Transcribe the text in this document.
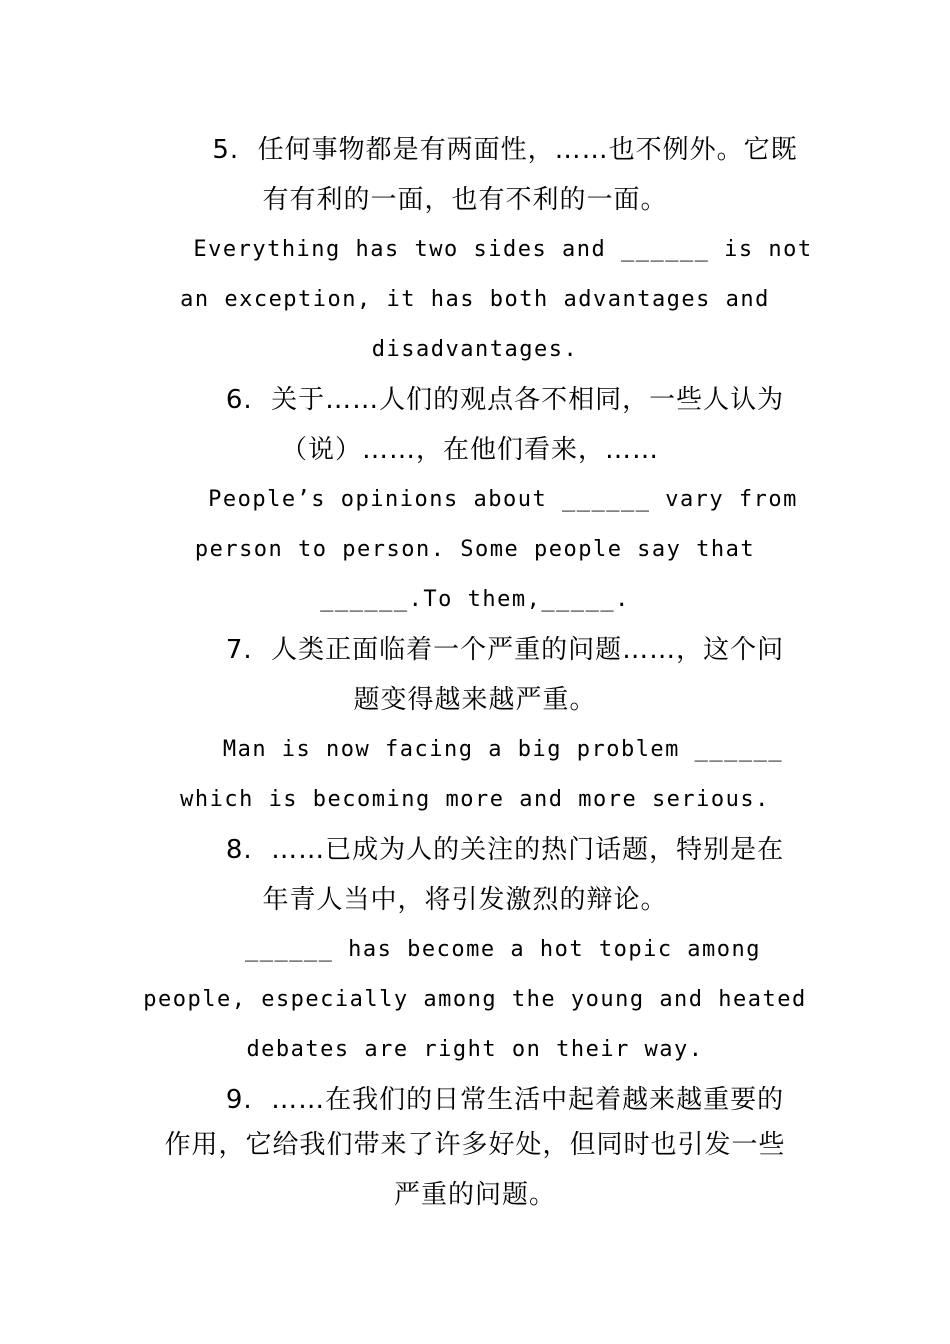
5. 任何事物都是有两面性，……也不例外。它既
有有利的一面，也有不利的一面。
Everything has two sides and ______ is not
an exception, it has both advantages and
disadvantages.
6. 关于……人们的观点各不相同，一些人认为
（说）……，在他们看来，……
People’s opinions about ______ vary from
person to person. Some people say that
______.To them,_____.
7. 人类正面临着一个严重的问题……，这个问
题变得越来越严重。
Man is now facing a big problem ______
which is becoming more and more serious.
8. ……已成为人的关注的热门话题，特别是在
年青人当中，将引发激烈的辩论。
______ has become a hot topic among
people, especially among the young and heated
debates are right on their way.
9. ……在我们的日常生活中起着越来越重要的
作用，它给我们带来了许多好处，但同时也引发一些
严重的问题。
